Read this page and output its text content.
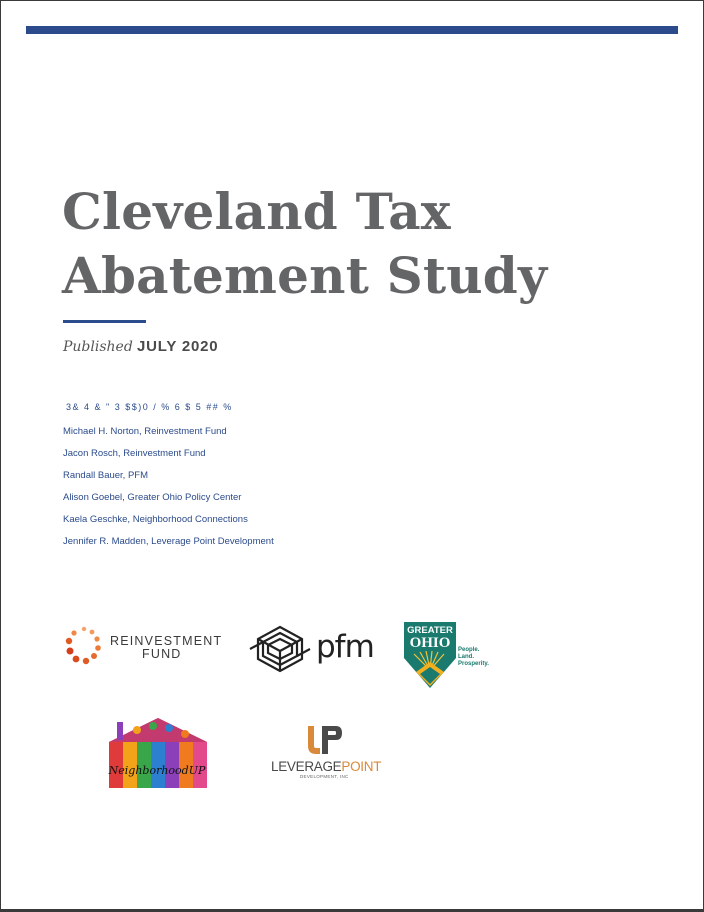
Cleveland Tax
Abatement Study
Published JULY 2020
3& 4 & " 3 $$)0 / % 6 $ 5 ## %
Michael H. Norton, Reinvestment Fund
Jacon Rosch, Reinvestment Fund
Randall Bauer, PFM
Alison Goebel, Greater Ohio Policy Center
Kaela Geschke, Neighborhood Connections
Jennifer R. Madden, Leverage Point Development
REINVESTMENT
FUND	pfm	GREATER
OHIO People.
Land.
Prosperity.
NeighborhoodUP	LEVERAGEPOINT
DEVELOPMENT, INC
